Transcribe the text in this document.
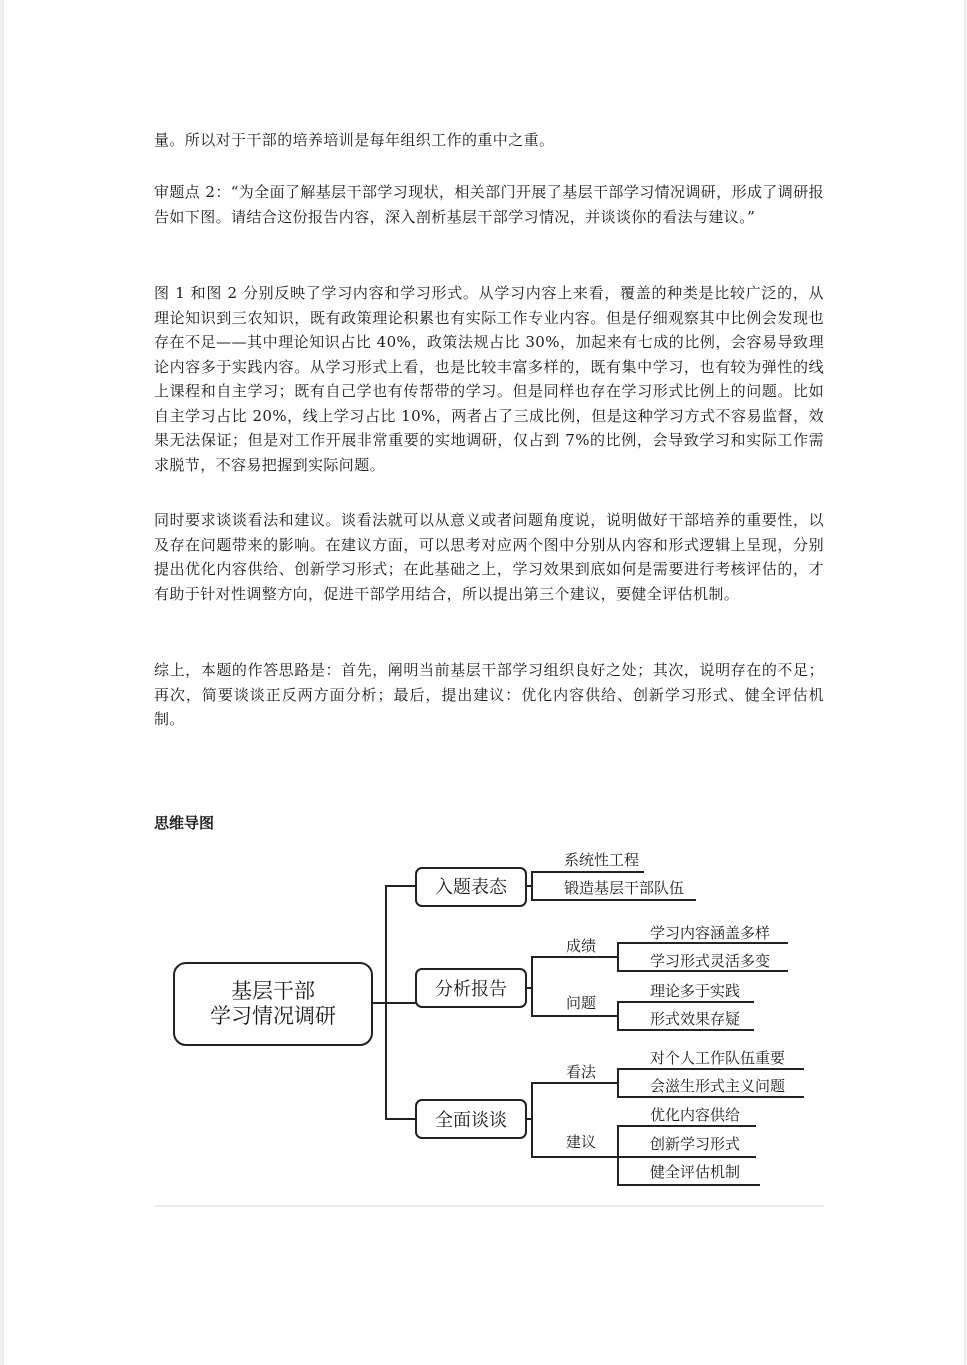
量。所以对于干部的培养培训是每年组织工作的重中之重。

审题点 2：“为全面了解基层干部学习现状，相关部门开展了基层干部学习情况调研，形成了调研报告如下图。请结合这份报告内容，深入剖析基层干部学习情况，并谈谈你的看法与建议。”

图 1 和图 2 分别反映了学习内容和学习形式。从学习内容上来看，覆盖的种类是比较广泛的，从理论知识到三农知识，既有政策理论积累也有实际工作专业内容。但是仔细观察其中比例会发现也存在不足——其中理论知识占比 40%，政策法规占比 30%，加起来有七成的比例，会容易导致理论内容多于实践内容。从学习形式上看，也是比较丰富多样的，既有集中学习，也有较为弹性的线上课程和自主学习；既有自己学也有传帮带的学习。但是同样也存在学习形式比例上的问题。比如自主学习占比 20%，线上学习占比 10%，两者占了三成比例，但是这种学习方式不容易监督，效果无法保证；但是对工作开展非常重要的实地调研，仅占到 7%的比例，会导致学习和实际工作需求脱节，不容易把握到实际问题。

同时要求谈谈看法和建议。谈看法就可以从意义或者问题角度说，说明做好干部培养的重要性，以及存在问题带来的影响。在建议方面，可以思考对应两个图中分别从内容和形式逻辑上呈现，分别提出优化内容供给、创新学习形式；在此基础之上，学习效果到底如何是需要进行考核评估的，才有助于针对性调整方向，促进干部学用结合，所以提出第三个建议，要健全评估机制。

综上，本题的作答思路是：首先，阐明当前基层干部学习组织良好之处；其次，说明存在的不足；再次，简要谈谈正反两方面分析；最后，提出建议：优化内容供给、创新学习形式、健全评估机制。

思维导图

基层干部
学习情况调研
入题表态
系统性工程
锻造基层干部队伍
分析报告
成绩
问题
学习内容涵盖多样
学习形式灵活多变
理论多于实践
形式效果存疑
全面谈谈
看法
建议
对个人工作队伍重要
会滋生形式主义问题
优化内容供给
创新学习形式
健全评估机制
